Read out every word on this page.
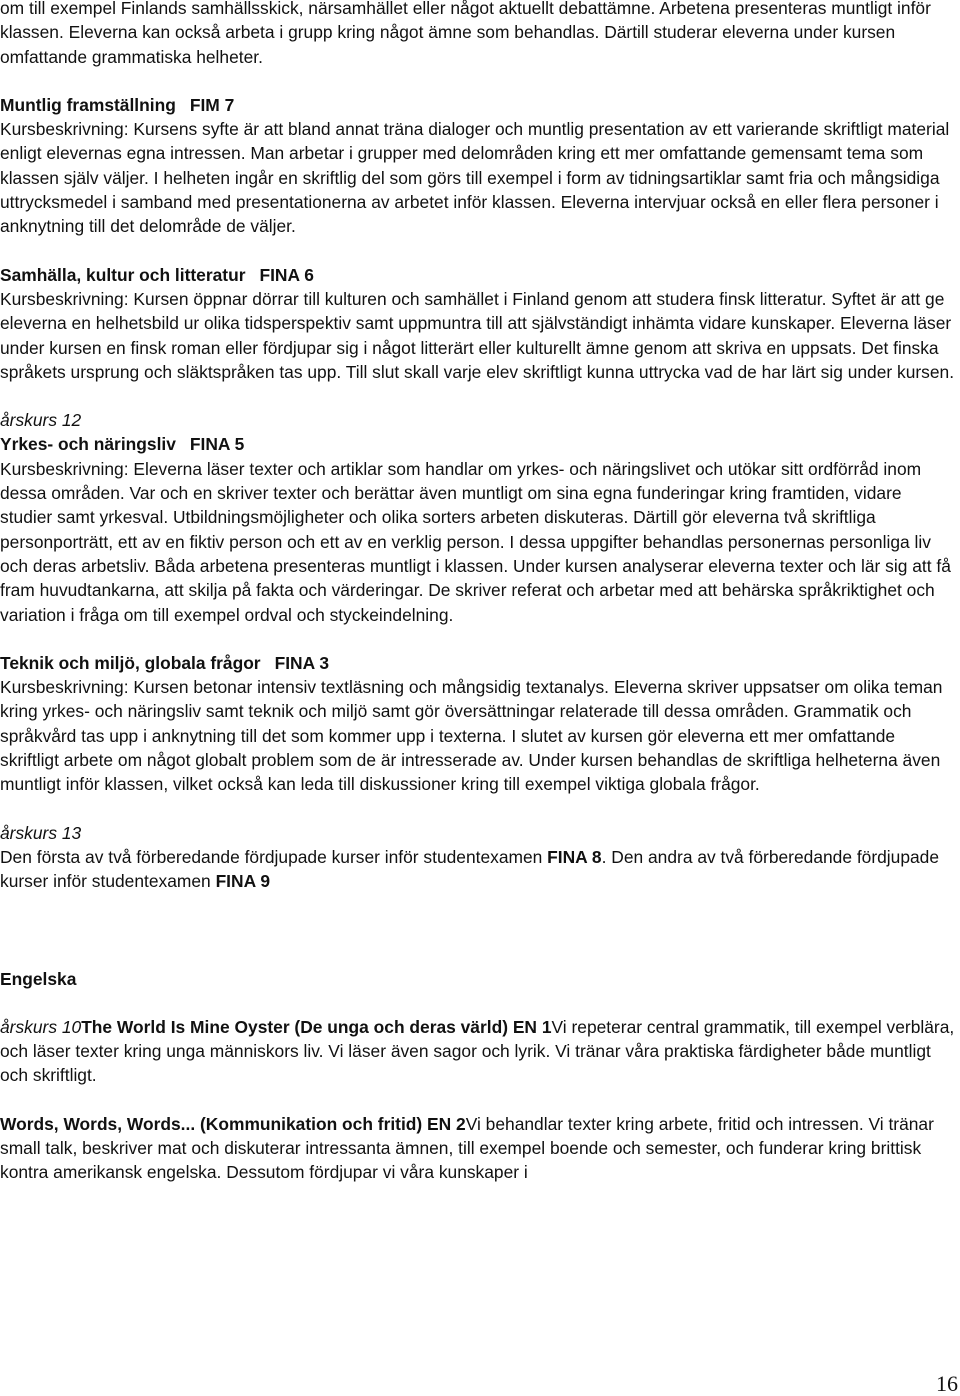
om till exempel Finlands samhällsskick, närsamhället eller något aktuellt debattämne. Arbetena presenteras muntligt inför klassen. Eleverna kan också arbeta i grupp kring något ämne som behandlas. Därtill studerar eleverna under kursen omfattande grammatiska helheter.

Muntlig framställning FIM 7

Kursbeskrivning: Kursens syfte är att bland annat träna dialoger och muntlig presentation av ett varierande skriftligt material enligt elevernas egna intressen. Man arbetar i grupper med delområden kring ett mer omfattande gemensamt tema som klassen själv väljer. I helheten ingår en skriftlig del som görs till exempel i form av tidningsartiklar samt fria och mångsidiga uttrycksmedel i samband med presentationerna av arbetet inför klassen. Eleverna intervjuar också en eller flera personer i anknytning till det delområde de väljer.

Samhälla, kultur och litteratur FINA 6

Kursbeskrivning: Kursen öppnar dörrar till kulturen och samhället i Finland genom att studera finsk litteratur. Syftet är att ge eleverna en helhetsbild ur olika tidsperspektiv samt uppmuntra till att självständigt inhämta vidare kunskaper. Eleverna läser under kursen en finsk roman eller fördjupar sig i något litterärt eller kulturellt ämne genom att skriva en uppsats. Det finska språkets ursprung och släktspråken tas upp. Till slut skall varje elev skriftligt kunna uttrycka vad de har lärt sig under kursen.

årskurs 12

Yrkes- och näringsliv FINA 5

Kursbeskrivning: Eleverna läser texter och artiklar som handlar om yrkes- och näringslivet och utökar sitt ordförråd inom dessa områden. Var och en skriver texter och berättar även muntligt om sina egna funderingar kring framtiden, vidare studier samt yrkesval. Utbildningsmöjligheter och olika sorters arbeten diskuteras. Därtill gör eleverna två skriftliga personporträtt, ett av en fiktiv person och ett av en verklig person. I dessa uppgifter behandlas personernas personliga liv och deras arbetsliv. Båda arbetena presenteras muntligt i klassen. Under kursen analyserar eleverna texter och lär sig att få fram huvudtankarna, att skilja på fakta och värderingar. De skriver referat och arbetar med att behärska språkriktighet och variation i fråga om till exempel ordval och styckeindelning.

Teknik och miljö, globala frågor FINA 3

Kursbeskrivning: Kursen betonar intensiv textläsning och mångsidig textanalys. Eleverna skriver uppsatser om olika teman kring yrkes- och näringsliv samt teknik och miljö samt gör översättningar relaterade till dessa områden. Grammatik och språkvård tas upp i anknytning till det som kommer upp i texterna. I slutet av kursen gör eleverna ett mer omfattande skriftligt arbete om något globalt problem som de är intresserade av. Under kursen behandlas de skriftliga helheterna även muntligt inför klassen, vilket också kan leda till diskussioner kring till exempel viktiga globala frågor.

årskurs 13

Den första av två förberedande fördjupade kurser inför studentexamen FINA 8. Den andra av två förberedande fördjupade kurser inför studentexamen FINA 9

Engelska

årskurs 10The World Is Mine Oyster (De unga och deras värld) EN 1Vi repeterar central grammatik, till exempel verblära, och läser texter kring unga människors liv. Vi läser även sagor och lyrik. Vi tränar våra praktiska färdigheter både muntligt och skriftligt.

Words, Words, Words... (Kommunikation och fritid) EN 2Vi behandlar texter kring arbete, fritid och intressen. Vi tränar small talk, beskriver mat och diskuterar intressanta ämnen, till exempel boende och semester, och funderar kring brittisk kontra amerikansk engelska. Dessutom fördjupar vi våra kunskaper i

16
